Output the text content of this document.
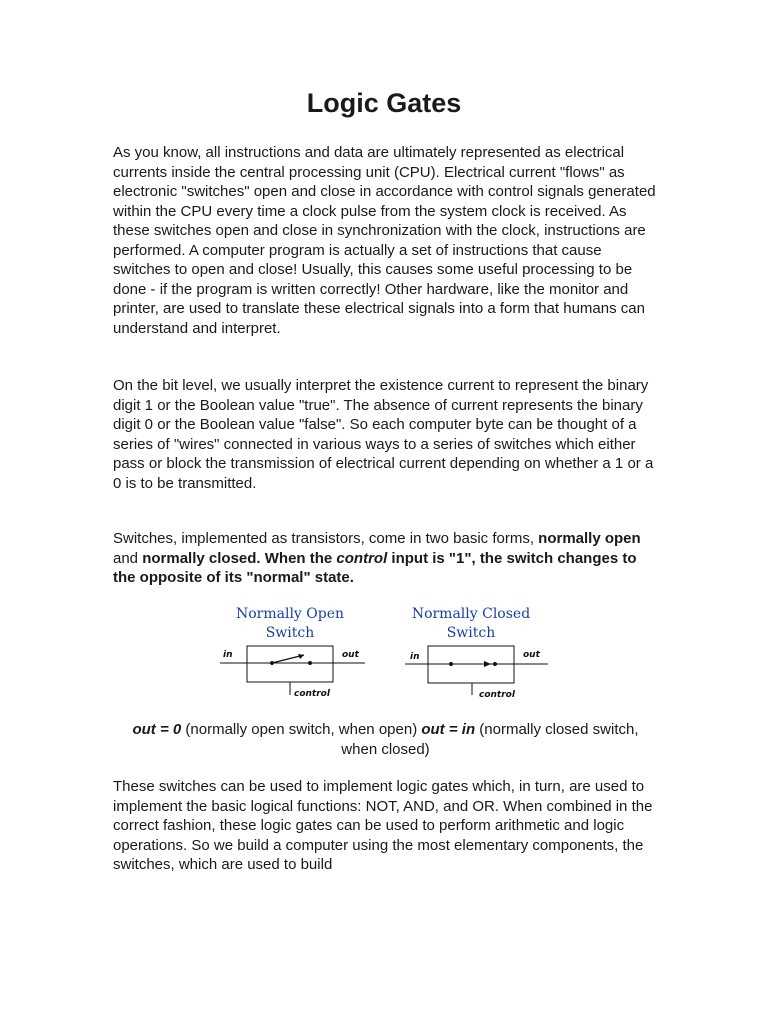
Logic Gates

As you know, all instructions and data are ultimately represented as electrical currents inside the central processing unit (CPU). Electrical current "flows" as electronic "switches" open and close in accordance with control signals generated within the CPU every time a clock pulse from the system clock is received. As these switches open and close in synchronization with the clock, instructions are performed. A computer program is actually a set of instructions that cause switches to open and close! Usually, this causes some useful processing to be done - if the program is written correctly! Other hardware, like the monitor and printer, are used to translate these electrical signals into a form that humans can understand and interpret.

On the bit level, we usually interpret the existence current to represent the binary digit 1 or the Boolean value "true". The absence of current represents the binary digit 0 or the Boolean value "false". So each computer byte can be thought of a series of "wires" connected in various ways to a series of switches which either pass or block the transmission of electrical current depending on whether a 1 or a 0 is to be transmitted.

Switches, implemented as transistors, come in two basic forms, normally open and normally closed. When the control input is "1", the switch changes to the opposite of its "normal" state.

Normally Open
Switch
in	out
control
Normally Closed
Switch
in	out
control

out = 0 (normally open switch, when open) out = in (normally closed switch, when closed)

These switches can be used to implement logic gates which, in turn, are used to implement the basic logical functions: NOT, AND, and OR. When combined in the correct fashion, these logic gates can be used to perform arithmetic and logic operations. So we build a computer using the most elementary components, the switches, which are used to build
